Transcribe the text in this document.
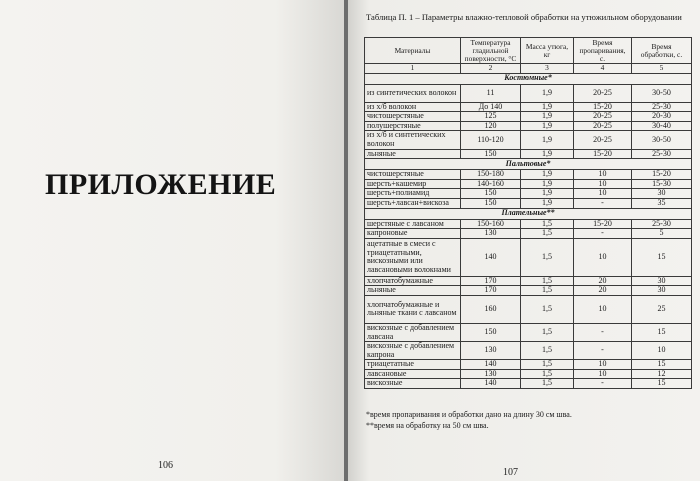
ПРИЛОЖЕНИЕ
106
Таблица П. 1 – Параметры влажно-тепловой обработки на утюжильном оборудовании
Материалы	Температура гладильной поверхности, °С	Масса утюга, кг	Время пропаривания, с.	Время обработки, с.
1	2	3	4	5
Костюмные*				
из синтетических волокон	11	1,9	20-25	30-50
из х/б волокон	До 140	1,9	15-20	25-30
чистошерстяные	125	1,9	20-25	20-30
полушерстяные	120	1,9	20-25	30-40
из х/б и синтетических волокон	110-120	1,9	20-25	30-50
льняные	150	1,9	15-20	25-30
Пальтовые*				
чистошерстяные	150-180	1,9	10	15-20
шерсть+кашемир	140-160	1,9	10	15-30
шерсть+полиамид	150	1,9	10	30
шерсть+лавсан+вискоза	150	1,9	-	35
Плательные**				
шерстяные с лавсаном	150-160	1,5	15-20	25-30
капроновые	130	1,5	-	5
ацетатные в смеси с триацетатными, вискозными или лавсановыми волокнами	140	1,5	10	15
хлопчатобумажные	170	1,5	20	30
льняные	170	1,5	20	30
хлопчатобумажные и льняные ткани с лавсаном	160	1,5	10	25
вискозные с добавлением лавсана	150	1,5	-	15
вискозные с добавлением капрона	130	1,5	-	10
триацетатные	140	1,5	10	15
лавсановые	130	1,5	10	12
вискозные	140	1,5	-	15
*время пропаривания и обработки дано на длину 30 см шва.
**время на обработку на 50 см шва.
107
